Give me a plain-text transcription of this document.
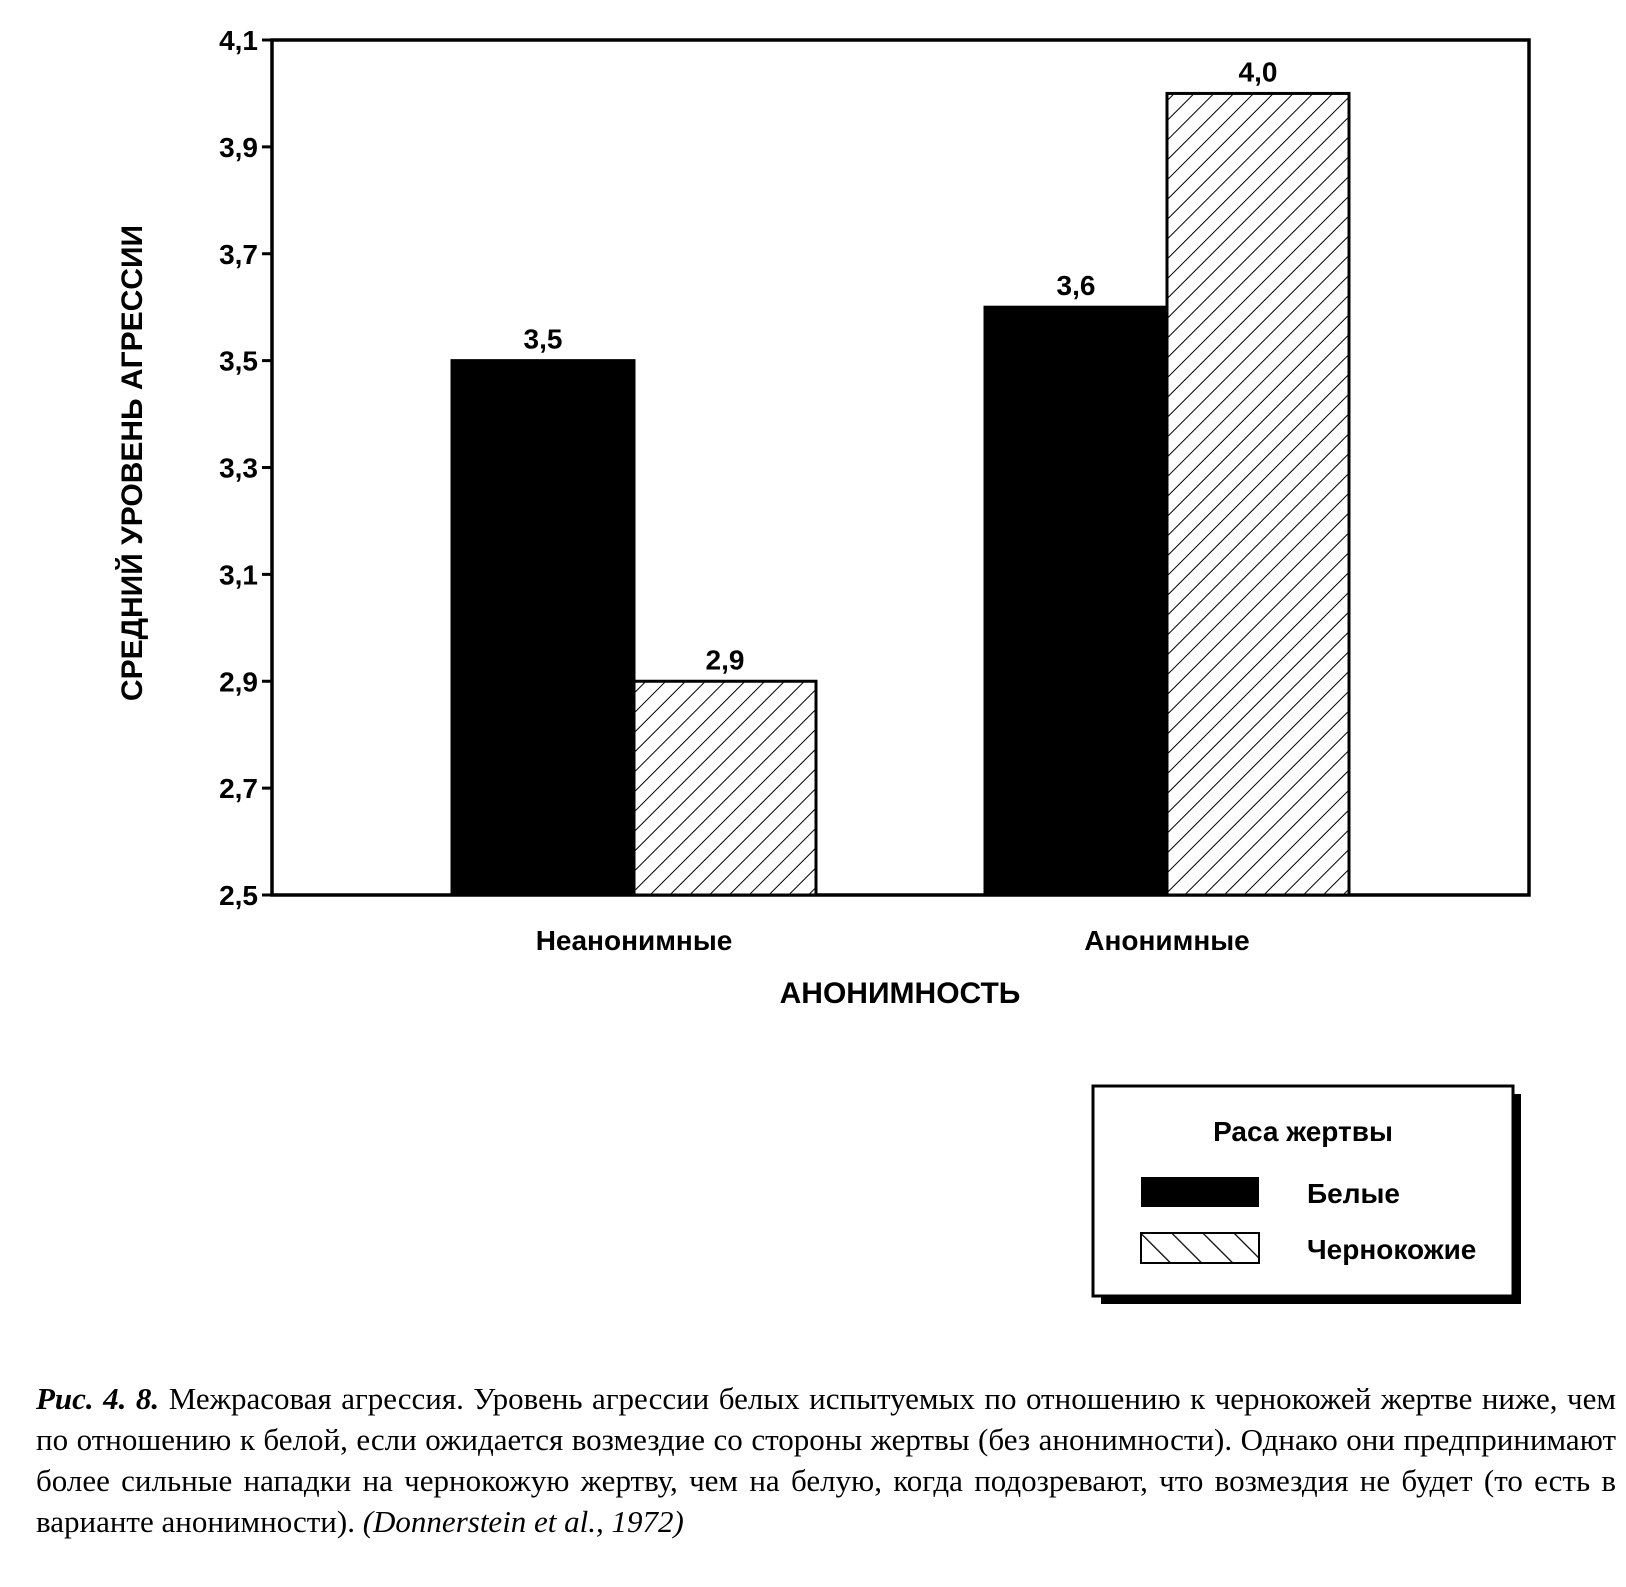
2,5
2,7
2,9
3,1
3,3
3,5
3,7
3,9
4,1
3,5
2,9
3,6
4,0
Неанонимные	Анонимные
СРЕДНИЙ УРОВЕНЬ АГРЕССИИ
АНОНИМНОСТЬ
Раса жертвы
Белые
Чернокожие
Рис. 4. 8. Межрасовая агрессия. Уровень агрессии белых испытуемых по отношению к чернокожей жертве ниже, чем по отношению к белой, если ожидается возмездие со стороны жертвы (без анонимности). Однако они предпринимают более сильные нападки на чернокожую жертву, чем на белую, когда подозревают, что возмездия не будет (то есть в варианте анонимности). (Donnerstein et al., 1972)
